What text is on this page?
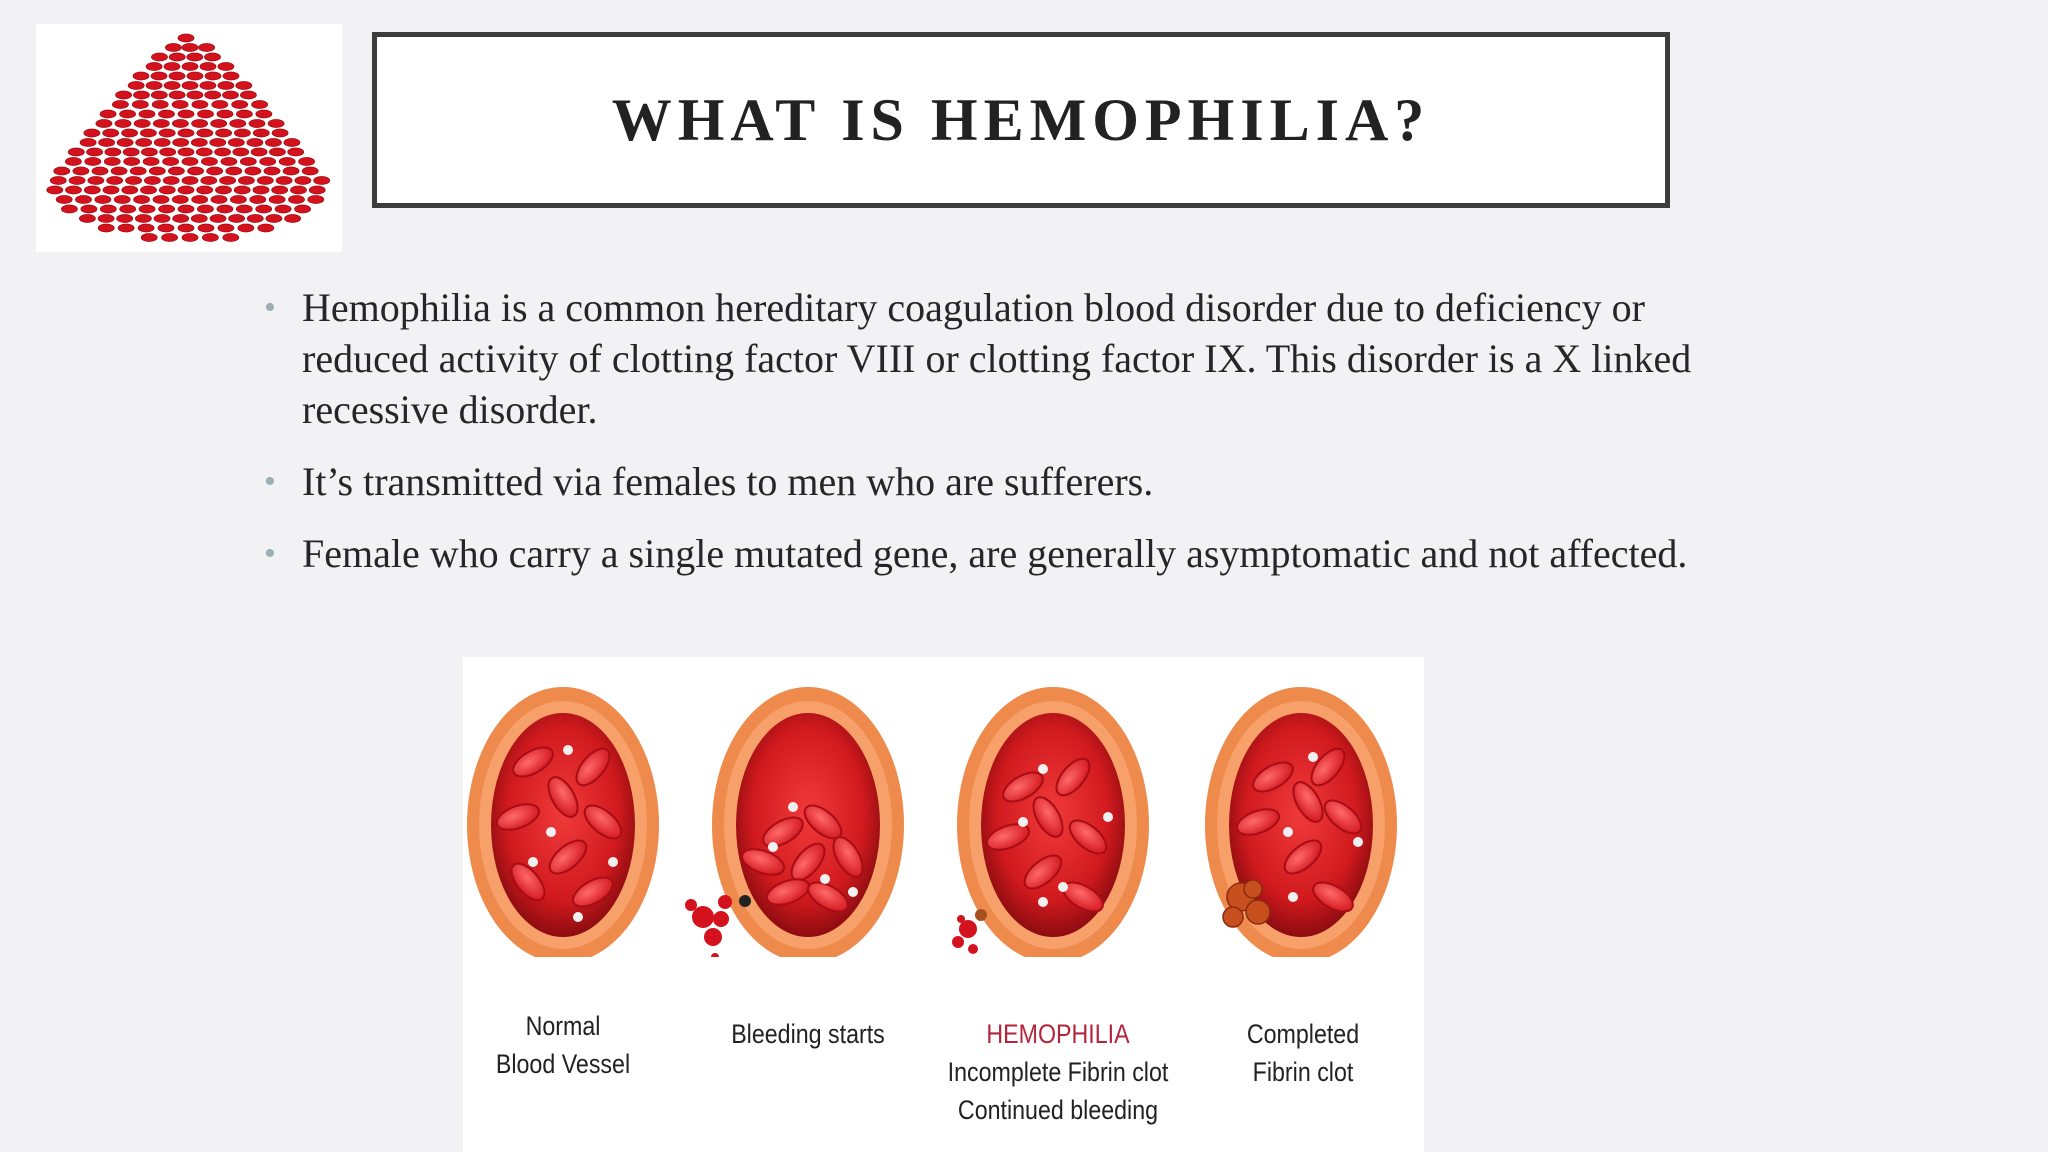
WHAT IS HEMOPHILIA?
• Hemophilia is a common hereditary coagulation blood disorder due to deficiency or reduced activity of clotting factor VIII or clotting factor IX. This disorder is a X linked recessive disorder.
• It’s transmitted via females to men who are sufferers.
• Female who carry a single mutated gene, are generally asymptomatic and not affected.
Normal
Blood Vessel
Bleeding starts	HEMOPHILIA
Incomplete Fibrin clot
Continued bleeding
Completed
Fibrin clot
